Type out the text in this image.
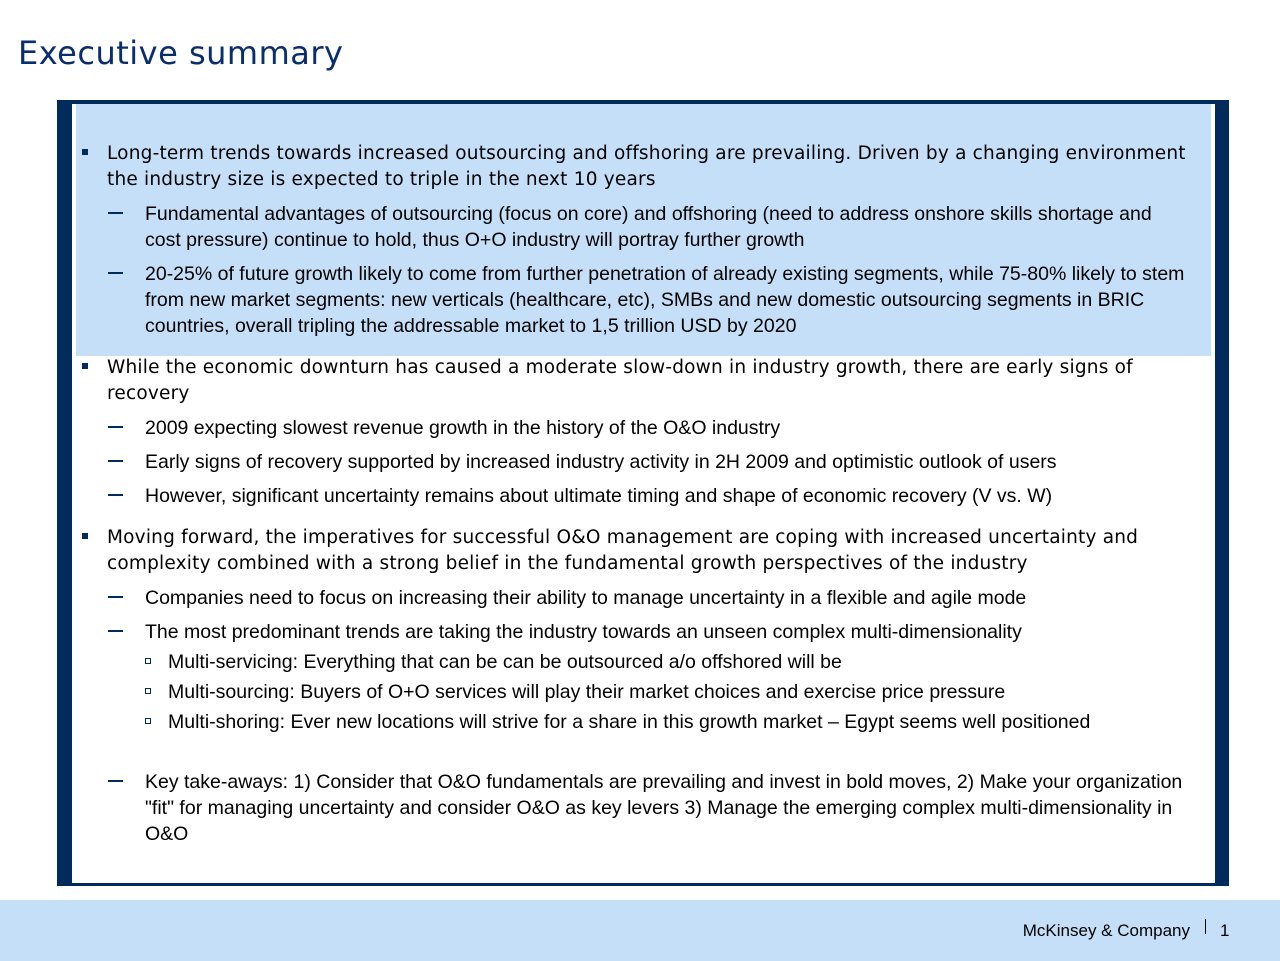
Executive summary
Long-term trends towards increased outsourcing and offshoring are prevailing. Driven by a changing environment the industry size is expected to triple in the next 10 years
Fundamental advantages of outsourcing (focus on core) and offshoring (need to address onshore skills shortage and cost pressure) continue to hold, thus O+O industry will portray further growth
20-25% of future growth likely to come from further penetration of already existing segments, while 75-80% likely to stem from new market segments: new verticals (healthcare, etc), SMBs and new domestic outsourcing segments in BRIC countries, overall tripling the addressable market to 1,5 trillion USD by 2020
While the economic downturn has caused a moderate slow-down in industry growth, there are early signs of recovery
2009 expecting slowest revenue growth in the history of the O&O industry
Early signs of recovery supported by increased industry activity in 2H 2009 and optimistic outlook of users
However, significant uncertainty remains about ultimate timing and shape of economic recovery (V vs. W)
Moving forward, the imperatives for successful O&O management are coping with increased uncertainty and complexity combined with a strong belief in the fundamental growth perspectives of the industry
Companies need to focus on increasing their ability to manage uncertainty in a flexible and agile mode
The most predominant trends are taking the industry towards an unseen complex multi-dimensionality
Multi-servicing: Everything that can be can be outsourced a/o offshored will be
Multi-sourcing: Buyers of O+O services will play their market choices and exercise price pressure
Multi-shoring: Ever new locations will strive for a share in this growth market – Egypt seems well positioned
Key take-aways: 1) Consider that O&O fundamentals are prevailing and invest in bold moves, 2) Make your organization "fit" for managing uncertainty and consider O&O as key levers 3) Manage the emerging complex multi-dimensionality in O&O
McKinsey & Company 1
